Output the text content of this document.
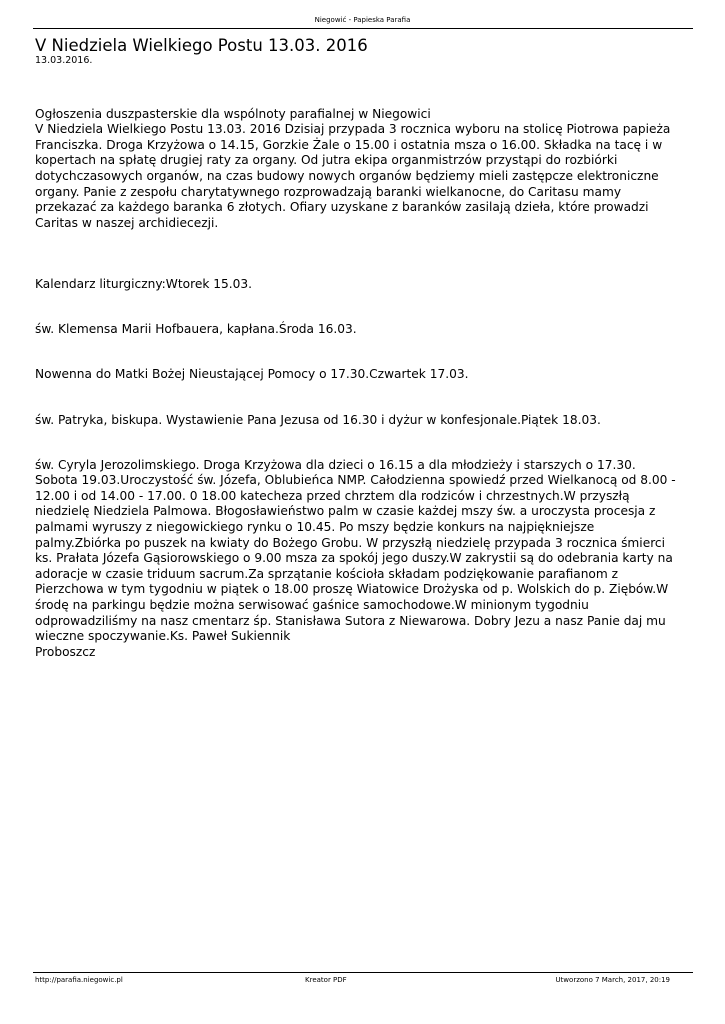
Niegowić - Papieska Parafia
V Niedziela Wielkiego Postu 13.03. 2016
13.03.2016.

Ogłoszenia duszpasterskie dla wspólnoty parafialnej w Niegowici
V Niedziela Wielkiego Postu 13.03. 2016 Dzisiaj przypada 3 rocznica wyboru na stolicę Piotrowa papieża
Franciszka. Droga Krzyżowa o 14.15, Gorzkie Żale o 15.00 i ostatnia msza o 16.00. Składka na tacę i w
kopertach na spłatę drugiej raty za organy. Od jutra ekipa organmistrzów przystąpi do rozbiórki
dotychczasowych organów, na czas budowy nowych organów będziemy mieli zastępcze elektroniczne
organy. Panie z zespołu charytatywnego rozprowadzają baranki wielkanocne, do Caritasu mamy
przekazać za każdego baranka 6 złotych. Ofiary uzyskane z baranków zasilają dzieła, które prowadzi
Caritas w naszej archidiecezji.

Kalendarz liturgiczny:Wtorek 15.03.

św. Klemensa Marii Hofbauera, kapłana.Środa 16.03.

Nowenna do Matki Bożej Nieustającej Pomocy o 17.30.Czwartek 17.03.

św. Patryka, biskupa. Wystawienie Pana Jezusa od 16.30 i dyżur w konfesjonale.Piątek 18.03.

św. Cyryla Jerozolimskiego. Droga Krzyżowa dla dzieci o 16.15 a dla młodzieży i starszych o 17.30.
Sobota 19.03.Uroczystość św. Józefa, Oblubieńca NMP. Całodzienna spowiedź przed Wielkanocą od 8.00 -
12.00 i od 14.00 - 17.00. 0 18.00 katecheza przed chrztem dla rodziców i chrzestnych.W przyszłą
niedzielę Niedziela Palmowa. Błogosławieństwo palm w czasie każdej mszy św. a uroczysta procesja z
palmami wyruszy z niegowickiego rynku o 10.45. Po mszy będzie konkurs na najpiękniejsze
palmy.Zbiórka po puszek na kwiaty do Bożego Grobu. W przyszłą niedzielę przypada 3 rocznica śmierci
ks. Prałata Józefa Gąsiorowskiego o 9.00 msza za spokój jego duszy.W zakrystii są do odebrania karty na
adoracje w czasie triduum sacrum.Za sprzątanie kościoła składam podziękowanie parafianom z
Pierzchowa w tym tygodniu w piątek o 18.00 proszę Wiatowice Drożyska od p. Wolskich do p. Ziębów.W
środę na parkingu będzie można serwisować gaśnice samochodowe.W minionym tygodniu
odprowadziliśmy na nasz cmentarz śp. Stanisława Sutora z Niewarowa. Dobry Jezu a nasz Panie daj mu
wieczne spoczywanie.Ks. Paweł Sukiennik
Proboszcz

http://parafia.niegowic.pl	Kreator PDF	Utworzono 7 March, 2017, 20:19
